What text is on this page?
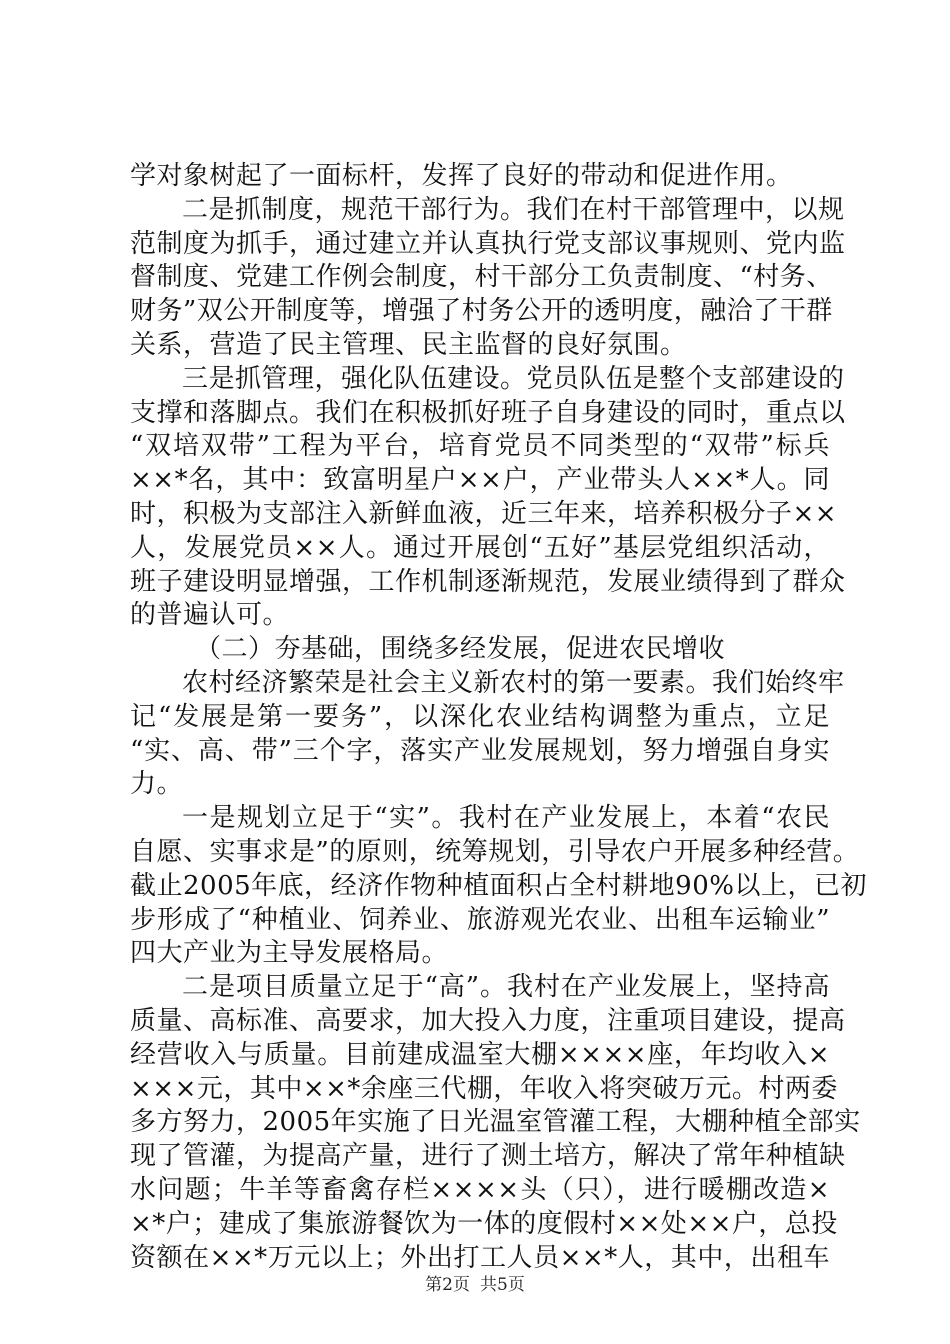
学对象树起了一面标杆，发挥了良好的带动和促进作用。
二是抓制度，规范干部行为。我们在村干部管理中，以规
范制度为抓手，通过建立并认真执行党支部议事规则、党内监
督制度、党建工作例会制度，村干部分工负责制度、“村务、
财务”双公开制度等，增强了村务公开的透明度，融洽了干群
关系，营造了民主管理、民主监督的良好氛围。
三是抓管理，强化队伍建设。党员队伍是整个支部建设的
支撑和落脚点。我们在积极抓好班子自身建设的同时，重点以
“双培双带”工程为平台，培育党员不同类型的“双带”标兵
××*名，其中：致富明星户××户，产业带头人××*人。同
时，积极为支部注入新鲜血液，近三年来，培养积极分子××
人，发展党员××人。通过开展创“五好”基层党组织活动，
班子建设明显增强，工作机制逐渐规范，发展业绩得到了群众
的普遍认可。
（二）夯基础，围绕多经发展，促进农民增收
农村经济繁荣是社会主义新农村的第一要素。我们始终牢
记“发展是第一要务”，以深化农业结构调整为重点，立足
“实、高、带”三个字，落实产业发展规划，努力增强自身实
力。
一是规划立足于“实”。我村在产业发展上，本着“农民
自愿、实事求是”的原则，统筹规划，引导农户开展多种经营。
截止2005年底，经济作物种植面积占全村耕地90%以上，已初
步形成了“种植业、饲养业、旅游观光农业、出租车运输业”
四大产业为主导发展格局。
二是项目质量立足于“高”。我村在产业发展上，坚持高
质量、高标准、高要求，加大投入力度，注重项目建设，提高
经营收入与质量。目前建成温室大棚××××座，年均收入×
×××元，其中××*余座三代棚，年收入将突破万元。村两委
多方努力，2005年实施了日光温室管灌工程，大棚种植全部实
现了管灌，为提高产量，进行了测土培方，解决了常年种植缺
水问题；牛羊等畜禽存栏××××头（只），进行暖棚改造×
×*户；建成了集旅游餐饮为一体的度假村××处××户，总投
资额在××*万元以上；外出打工人员××*人，其中，出租车
第2页 共5页
